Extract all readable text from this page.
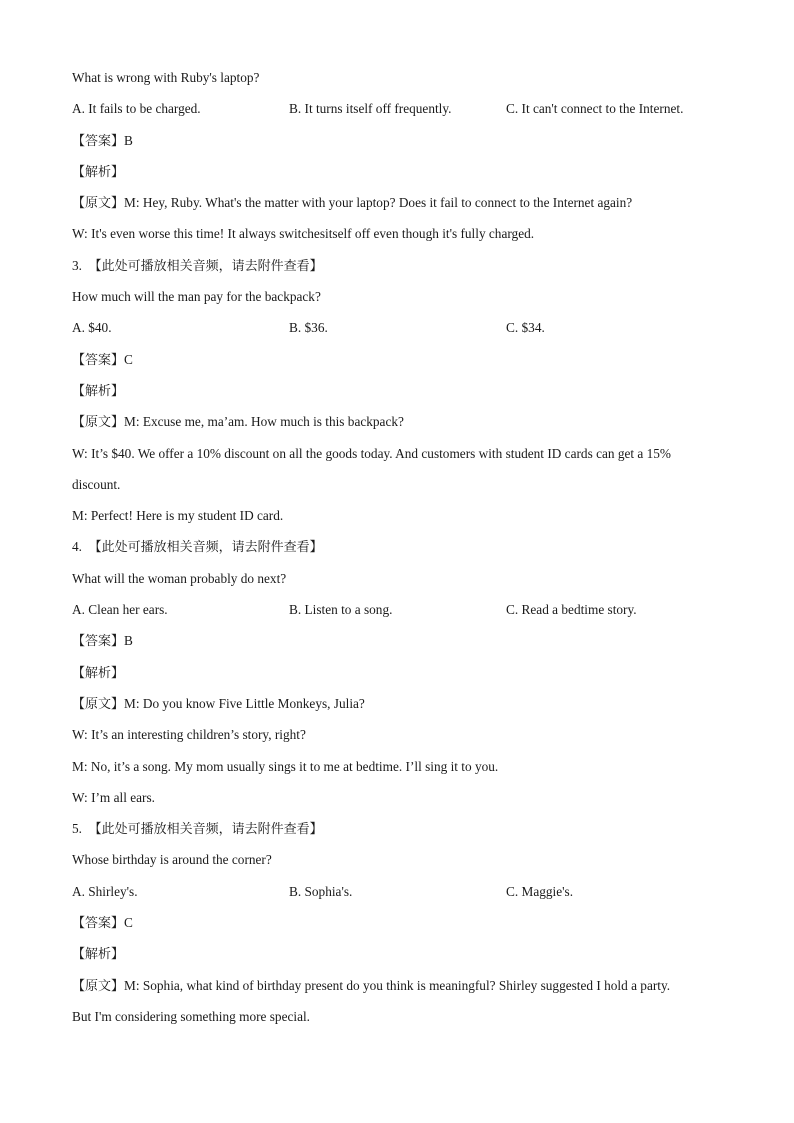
What is wrong with Ruby's laptop?
A. It fails to be charged.	B. It turns itself off frequently.	C. It can't connect to the Internet.
【答案】B
【解析】
【原文】M: Hey, Ruby. What's the matter with your laptop? Does it fail to connect to the Internet again?
W: It's even worse this time! It always switchesitself off even though it's fully charged.
3. 【此处可播放相关音频，请去附件查看】
How much will the man pay for the backpack?
A. $40.	B. $36.	C. $34.
【答案】C
【解析】
【原文】M: Excuse me, ma’am. How much is this backpack?
W: It’s $40. We offer a 10% discount on all the goods today. And customers with student ID cards can get a 15%
discount.
M: Perfect! Here is my student ID card.
4. 【此处可播放相关音频，请去附件查看】
What will the woman probably do next?
A. Clean her ears.	B. Listen to a song.	C. Read a bedtime story.
【答案】B
【解析】
【原文】M: Do you know Five Little Monkeys, Julia?
W: It’s an interesting children’s story, right?
M: No, it’s a song. My mom usually sings it to me at bedtime. I’ll sing it to you.
W: I’m all ears.
5. 【此处可播放相关音频，请去附件查看】
Whose birthday is around the corner?
A. Shirley's.	B. Sophia's.	C. Maggie's.
【答案】C
【解析】
【原文】M: Sophia, what kind of birthday present do you think is meaningful? Shirley suggested I hold a party.
But I'm considering something more special.
